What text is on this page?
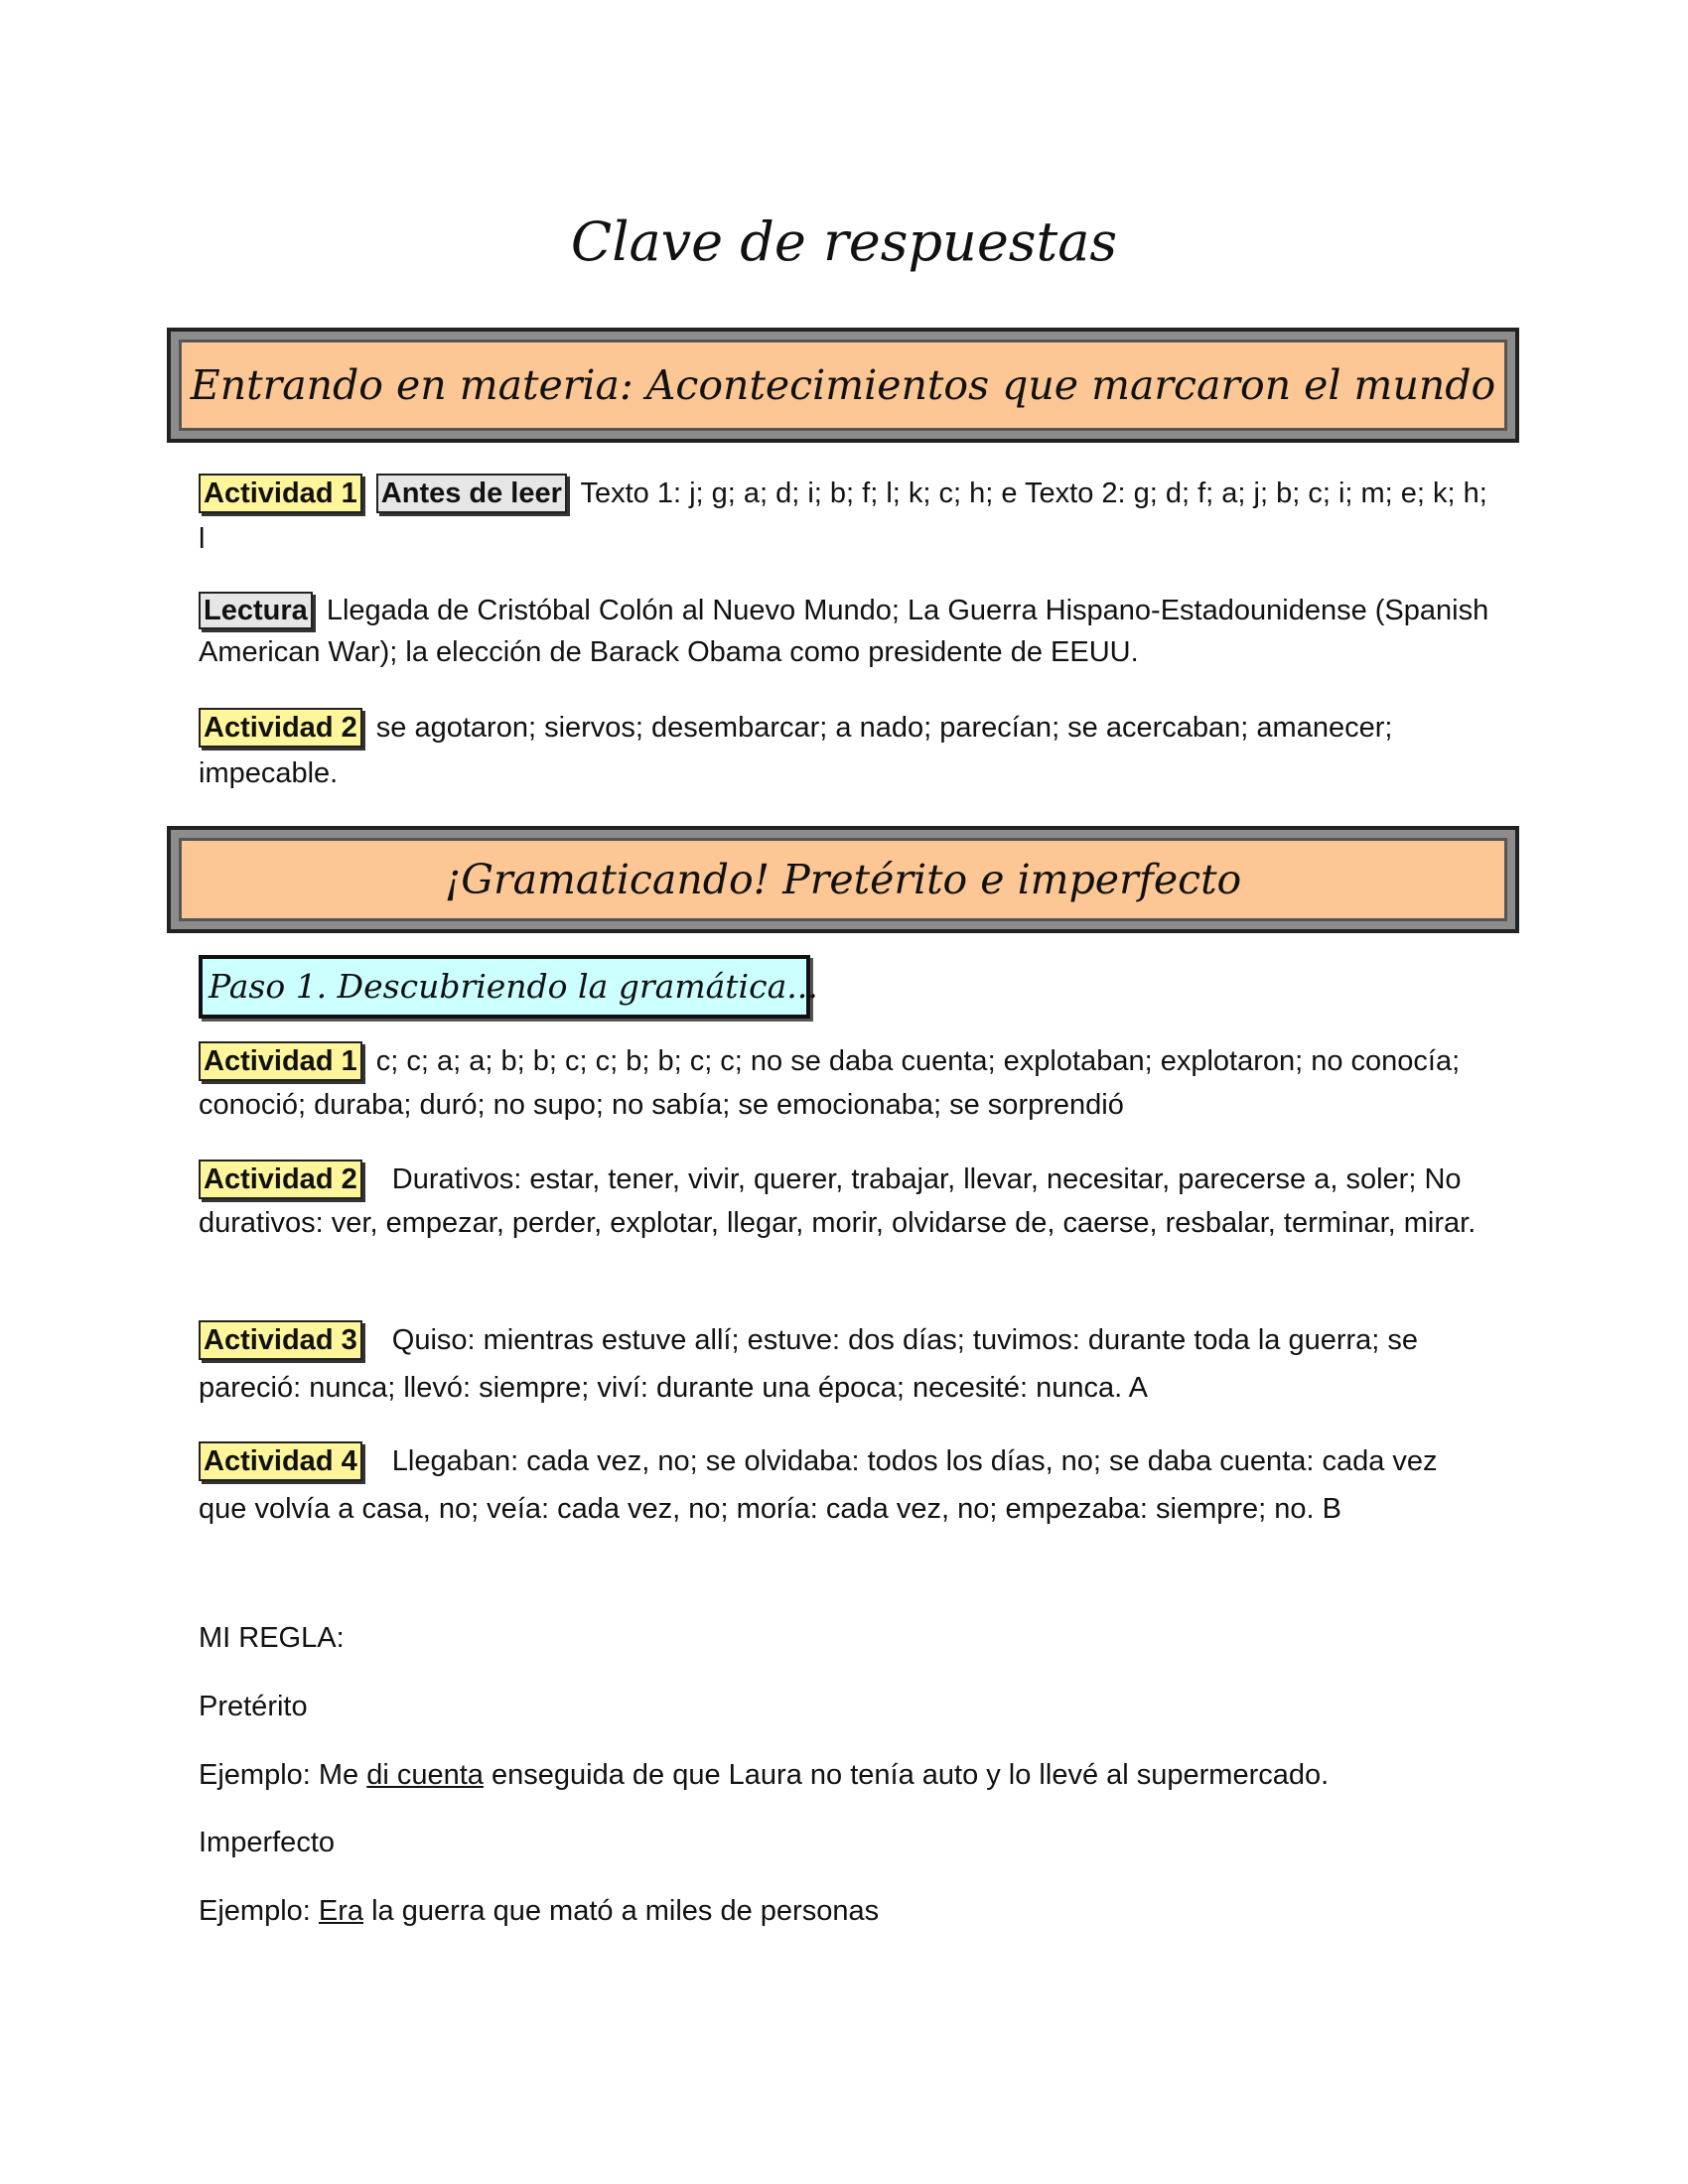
Clave de respuestas
Entrando en materia: Acontecimientos que marcaron el mundo
Actividad 1 Antes de leer Texto 1: j; g; a; d; i; b; f; l; k; c; h; e Texto 2: g; d; f; a; j; b; c; i; m; e; k; h; l
Lectura Llegada de Cristóbal Colón al Nuevo Mundo; La Guerra Hispano-Estadounidense (Spanish American War); la elección de Barack Obama como presidente de EEUU.
Actividad 2 se agotaron; siervos; desembarcar; a nado; parecían; se acercaban; amanecer; impecable.
¡Gramaticando! Pretérito e imperfecto
Paso 1. Descubriendo la gramática...
Actividad 1 c; c; a; a; b; b; c; c; b; b; c; c; no se daba cuenta; explotaban; explotaron; no conocía; conoció; duraba; duró; no supo; no sabía; se emocionaba; se sorprendió
Actividad 2 Durativos: estar, tener, vivir, querer, trabajar, llevar, necesitar, parecerse a, soler; No durativos: ver, empezar, perder, explotar, llegar, morir, olvidarse de, caerse, resbalar, terminar, mirar.
Actividad 3 Quiso: mientras estuve allí; estuve: dos días; tuvimos: durante toda la guerra; se pareció: nunca; llevó: siempre; viví: durante una época; necesité: nunca. A
Actividad 4 Llegaban: cada vez, no; se olvidaba: todos los días, no; se daba cuenta: cada vez que volvía a casa, no; veía: cada vez, no; moría: cada vez, no; empezaba: siempre; no. B
MI REGLA:
Pretérito
Ejemplo: Me di cuenta enseguida de que Laura no tenía auto y lo llevé al supermercado.
Imperfecto
Ejemplo: Era la guerra que mató a miles de personas
